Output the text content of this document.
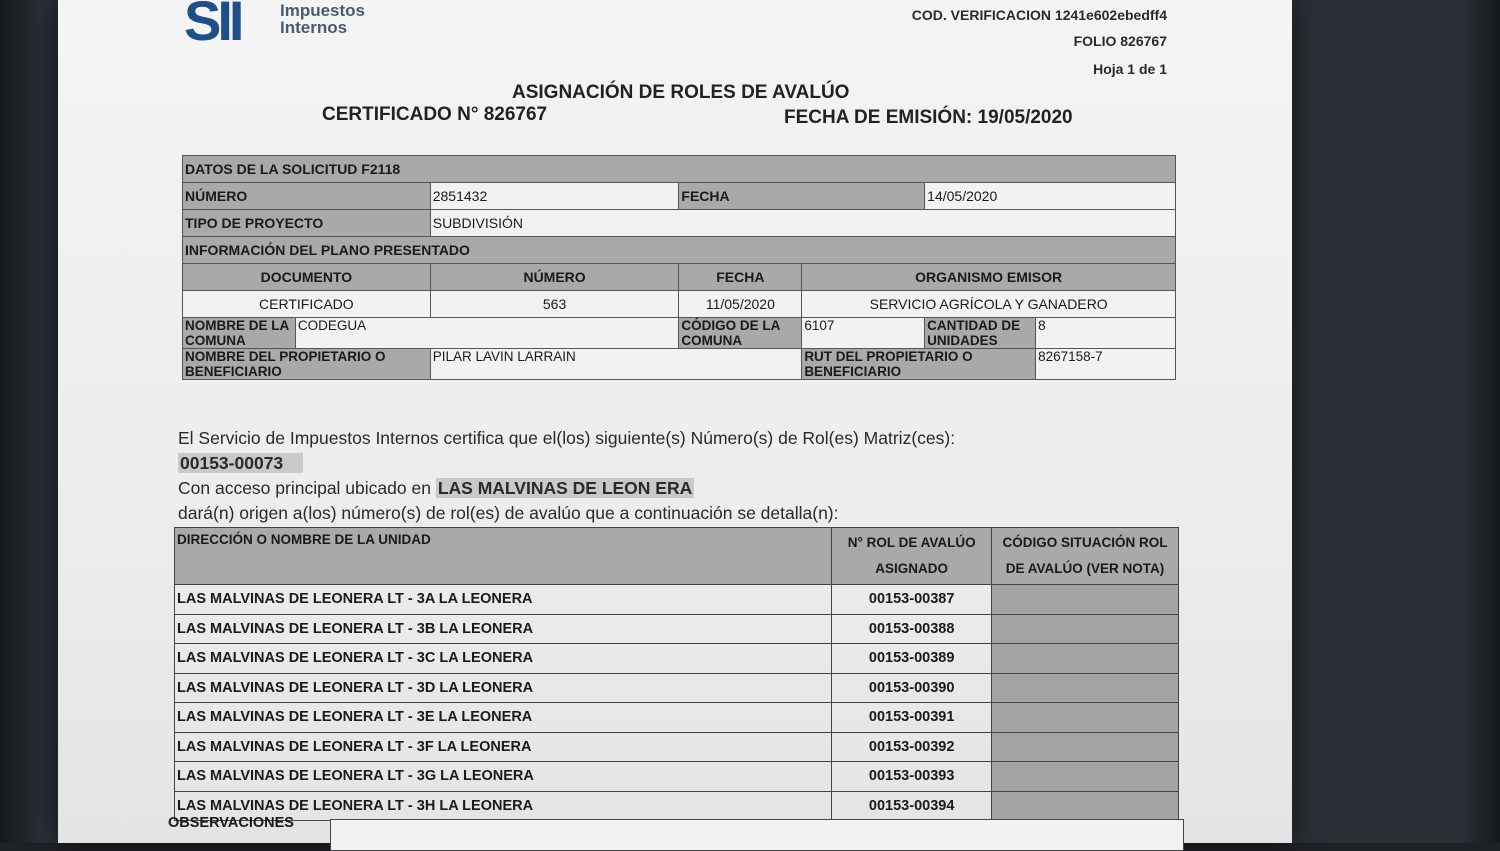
SII Impuestos
Internos
COD. VERIFICACION 1241e602ebedff4
FOLIO 826767
Hoja 1 de 1
ASIGNACIÓN DE ROLES DE AVALÚO
CERTIFICADO N° 826767	FECHA DE EMISIÓN: 19/05/2020
DATOS DE LA SOLICITUD F2118						
NÚMERO		2851432	FECHA		14/05/2020	
TIPO DE PROYECTO		SUBDIVISIÓN				
INFORMACIÓN DEL PLANO PRESENTADO						
DOCUMENTO		NÚMERO	FECHA	ORGANISMO EMISOR		
CERTIFICADO		563	11/05/2020	SERVICIO AGRÍCOLA Y GANADERO		
NOMBRE DE LA COMUNA	CODEGUA		CÓDIGO DE LA COMUNA	6107	CANTIDAD DE UNIDADES	8
NOMBRE DEL PROPIETARIO O BENEFICIARIO		PILAR LAVIN LARRAIN		RUT DEL PROPIETARIO O BENEFICIARIO		8267158-7
El Servicio de Impuestos Internos certifica que el(los) siguiente(s) Número(s) de Rol(es) Matriz(ces):
00153-00073
Con acceso principal ubicado en LAS MALVINAS DE LEON ERA
dará(n) origen a(los) número(s) de rol(es) de avalúo que a continuación se detalla(n):
DIRECCIÓN O NOMBRE DE LA UNIDAD	N° ROL DE AVALÚO ASIGNADO	CÓDIGO SITUACIÓN ROL DE AVALÚO (VER NOTA)
LAS MALVINAS DE LEONERA LT - 3A LA LEONERA	00153-00387	
LAS MALVINAS DE LEONERA LT - 3B LA LEONERA	00153-00388	
LAS MALVINAS DE LEONERA LT - 3C LA LEONERA	00153-00389	
LAS MALVINAS DE LEONERA LT - 3D LA LEONERA	00153-00390	
LAS MALVINAS DE LEONERA LT - 3E LA LEONERA	00153-00391	
LAS MALVINAS DE LEONERA LT - 3F LA LEONERA	00153-00392	
LAS MALVINAS DE LEONERA LT - 3G LA LEONERA	00153-00393	
LAS MALVINAS DE LEONERA LT - 3H LA LEONERA	00153-00394	
OBSERVACIONES
